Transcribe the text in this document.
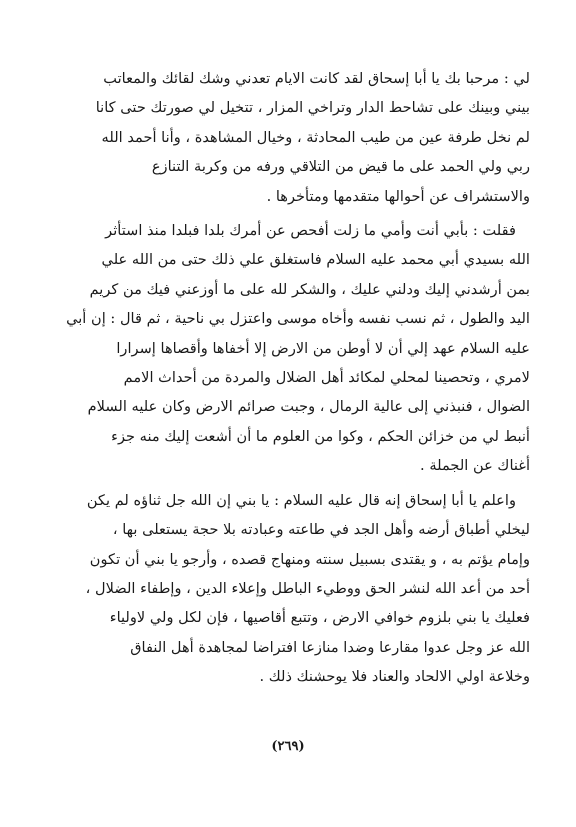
لي : مرحبا بك يا أبا إسحاق لقد كانت الايام تعدني وشك لقائك والمعاتب
بيني وبينك على تشاحط الدار وتراخي المزار ، تتخيل لي صورتك حتى كانا
لم نخل طرفة عين من طيب المحادثة ، وخيال المشاهدة ، وأنا أحمد الله
ربي ولي الحمد على ما قيض من التلاقي ورفه من وكربة التنازع
والاستشراف عن أحوالها متقدمها ومتأخرها .

فقلت : بأبي أنت وأمي ما زلت أفحص عن أمرك بلدا فبلدا منذ استأثر
الله بسيدي أبي محمد عليه السلام فاستغلق علي ذلك حتى من الله علي
بمن أرشدني إليك ودلني عليك ، والشكر لله على ما أوزعني فيك من كريم
اليد والطول ، ثم نسب نفسه وأخاه موسى واعتزل بي ناحية ، ثم قال : إن أبي
عليه السلام عهد إلي أن لا أوطن من الارض إلا أخفاها وأقصاها إسرارا
لامري ، وتحصينا لمحلي لمكائد أهل الضلال والمردة من أحداث الامم
الضوال ، فنبذني إلى عالية الرمال ، وجبت صرائم الارض وكان عليه السلام
أنبط لي من خزائن الحكم ، وكوا من العلوم ما أن أشعت إليك منه جزء
أغناك عن الجملة .

واعلم يا أبا إسحاق إنه قال عليه السلام : يا بني إن الله جل ثناؤه لم يكن
ليخلي أطباق أرضه وأهل الجد في طاعته وعبادته بلا حجة يستعلى بها ،
وإمام يؤتم به ، و يقتدى بسبيل سنته ومنهاج قصده ، وأرجو يا بني أن تكون
أحد من أعد الله لنشر الحق ووطيء الباطل وإعلاء الدين ، وإطفاء الضلال ،
فعليك يا بني بلزوم خوافي الارض ، وتتبع أقاصيها ، فإن لكل ولي لاولياء
الله عز وجل عدوا مقارعا وضدا منازعا افتراضا لمجاهدة أهل النفاق
وخلاعة اولي الالحاد والعناد فلا يوحشنك ذلك .

(٢٦٩)
